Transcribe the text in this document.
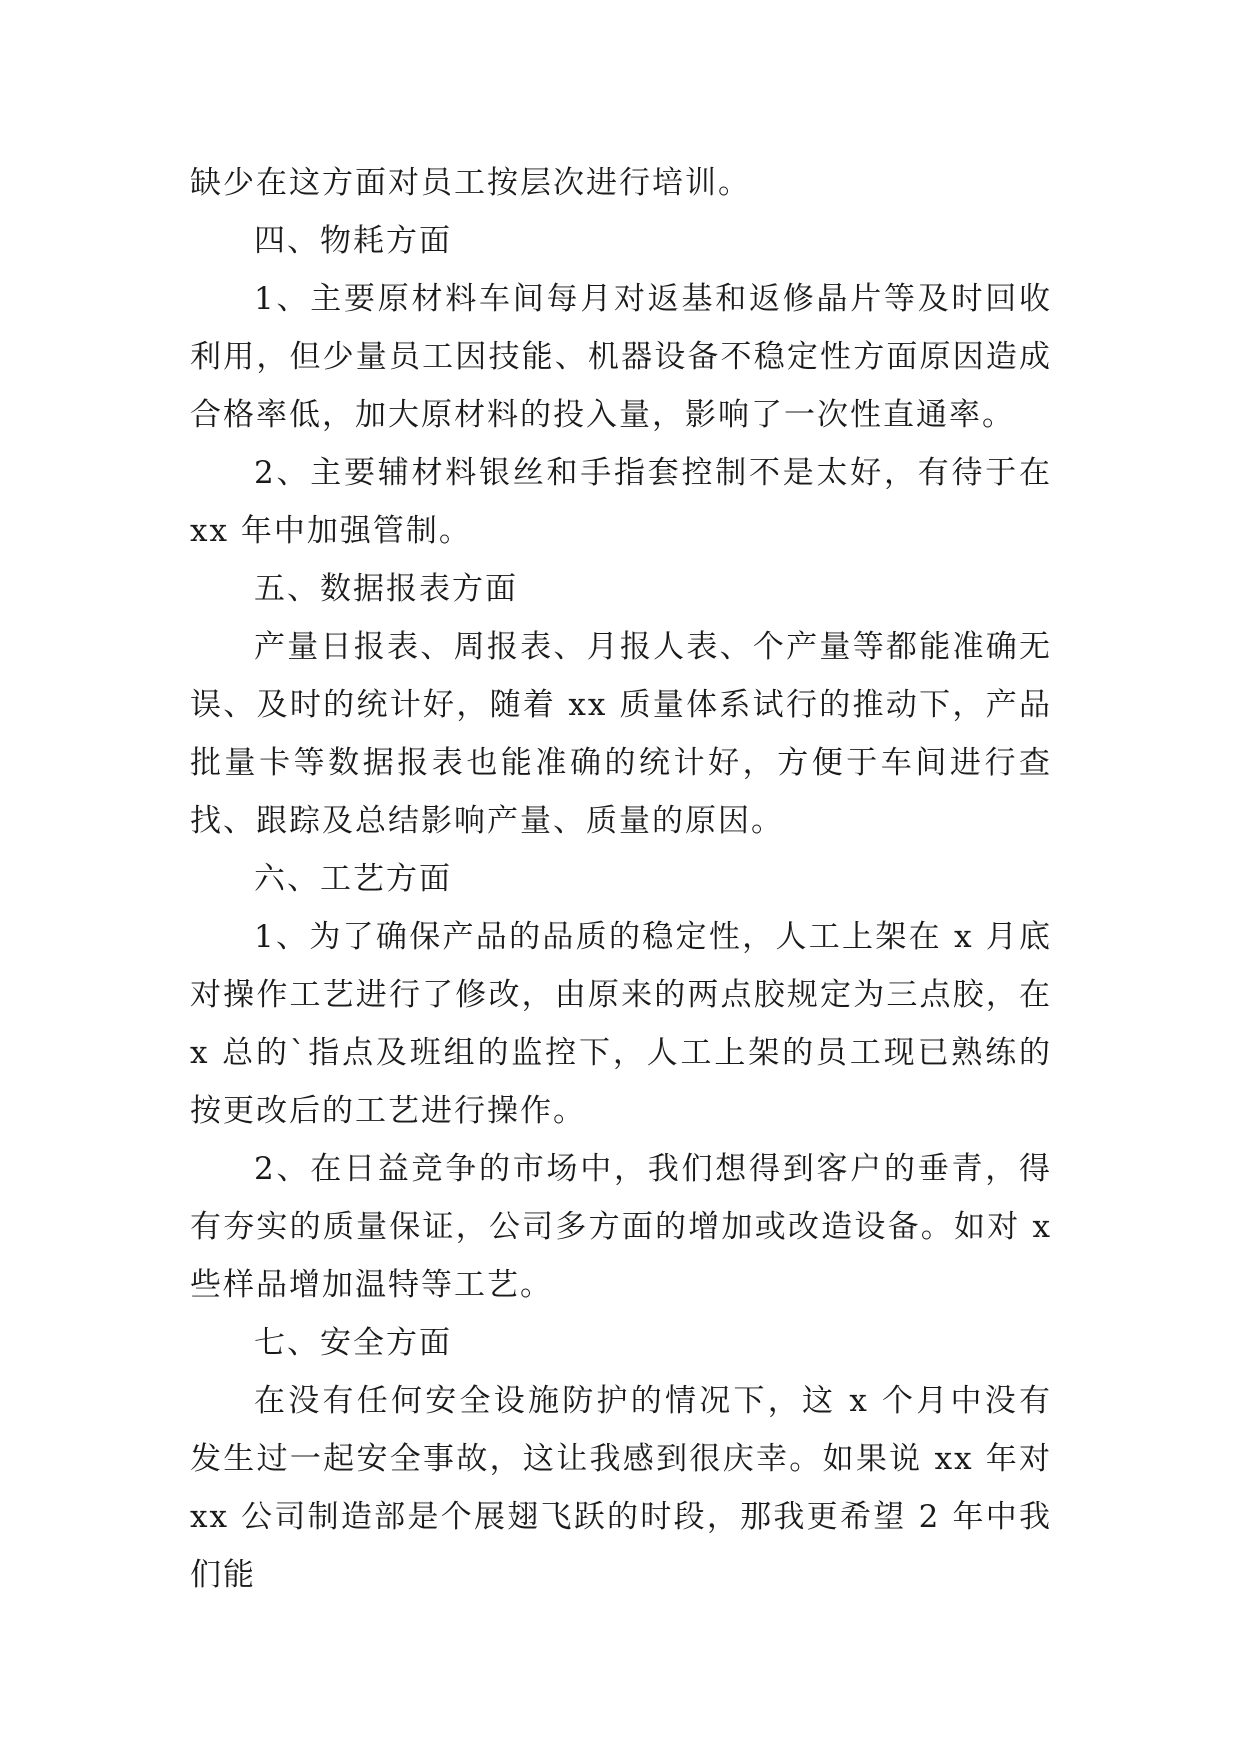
缺少在这方面对员工按层次进行培训。

四、物耗方面

1、主要原材料车间每月对返基和返修晶片等及时回收利用，但少量员工因技能、机器设备不稳定性方面原因造成合格率低，加大原材料的投入量，影响了一次性直通率。

2、主要辅材料银丝和手指套控制不是太好，有待于在 xx 年中加强管制。

五、数据报表方面

产量日报表、周报表、月报人表、个产量等都能准确无误、及时的统计好，随着 xx 质量体系试行的推动下，产品批量卡等数据报表也能准确的统计好，方便于车间进行查找、跟踪及总结影响产量、质量的原因。

六、工艺方面

1、为了确保产品的品质的稳定性，人工上架在 x 月底对操作工艺进行了修改，由原来的两点胶规定为三点胶，在 x 总的`指点及班组的监控下，人工上架的员工现已熟练的按更改后的工艺进行操作。

2、在日益竞争的市场中，我们想得到客户的垂青，得有夯实的质量保证，公司多方面的增加或改造设备。如对 x 些样品增加温特等工艺。

七、安全方面

在没有任何安全设施防护的情况下，这 x 个月中没有发生过一起安全事故，这让我感到很庆幸。如果说 xx 年对 xx 公司制造部是个展翅飞跃的时段，那我更希望 2 年中我们能
